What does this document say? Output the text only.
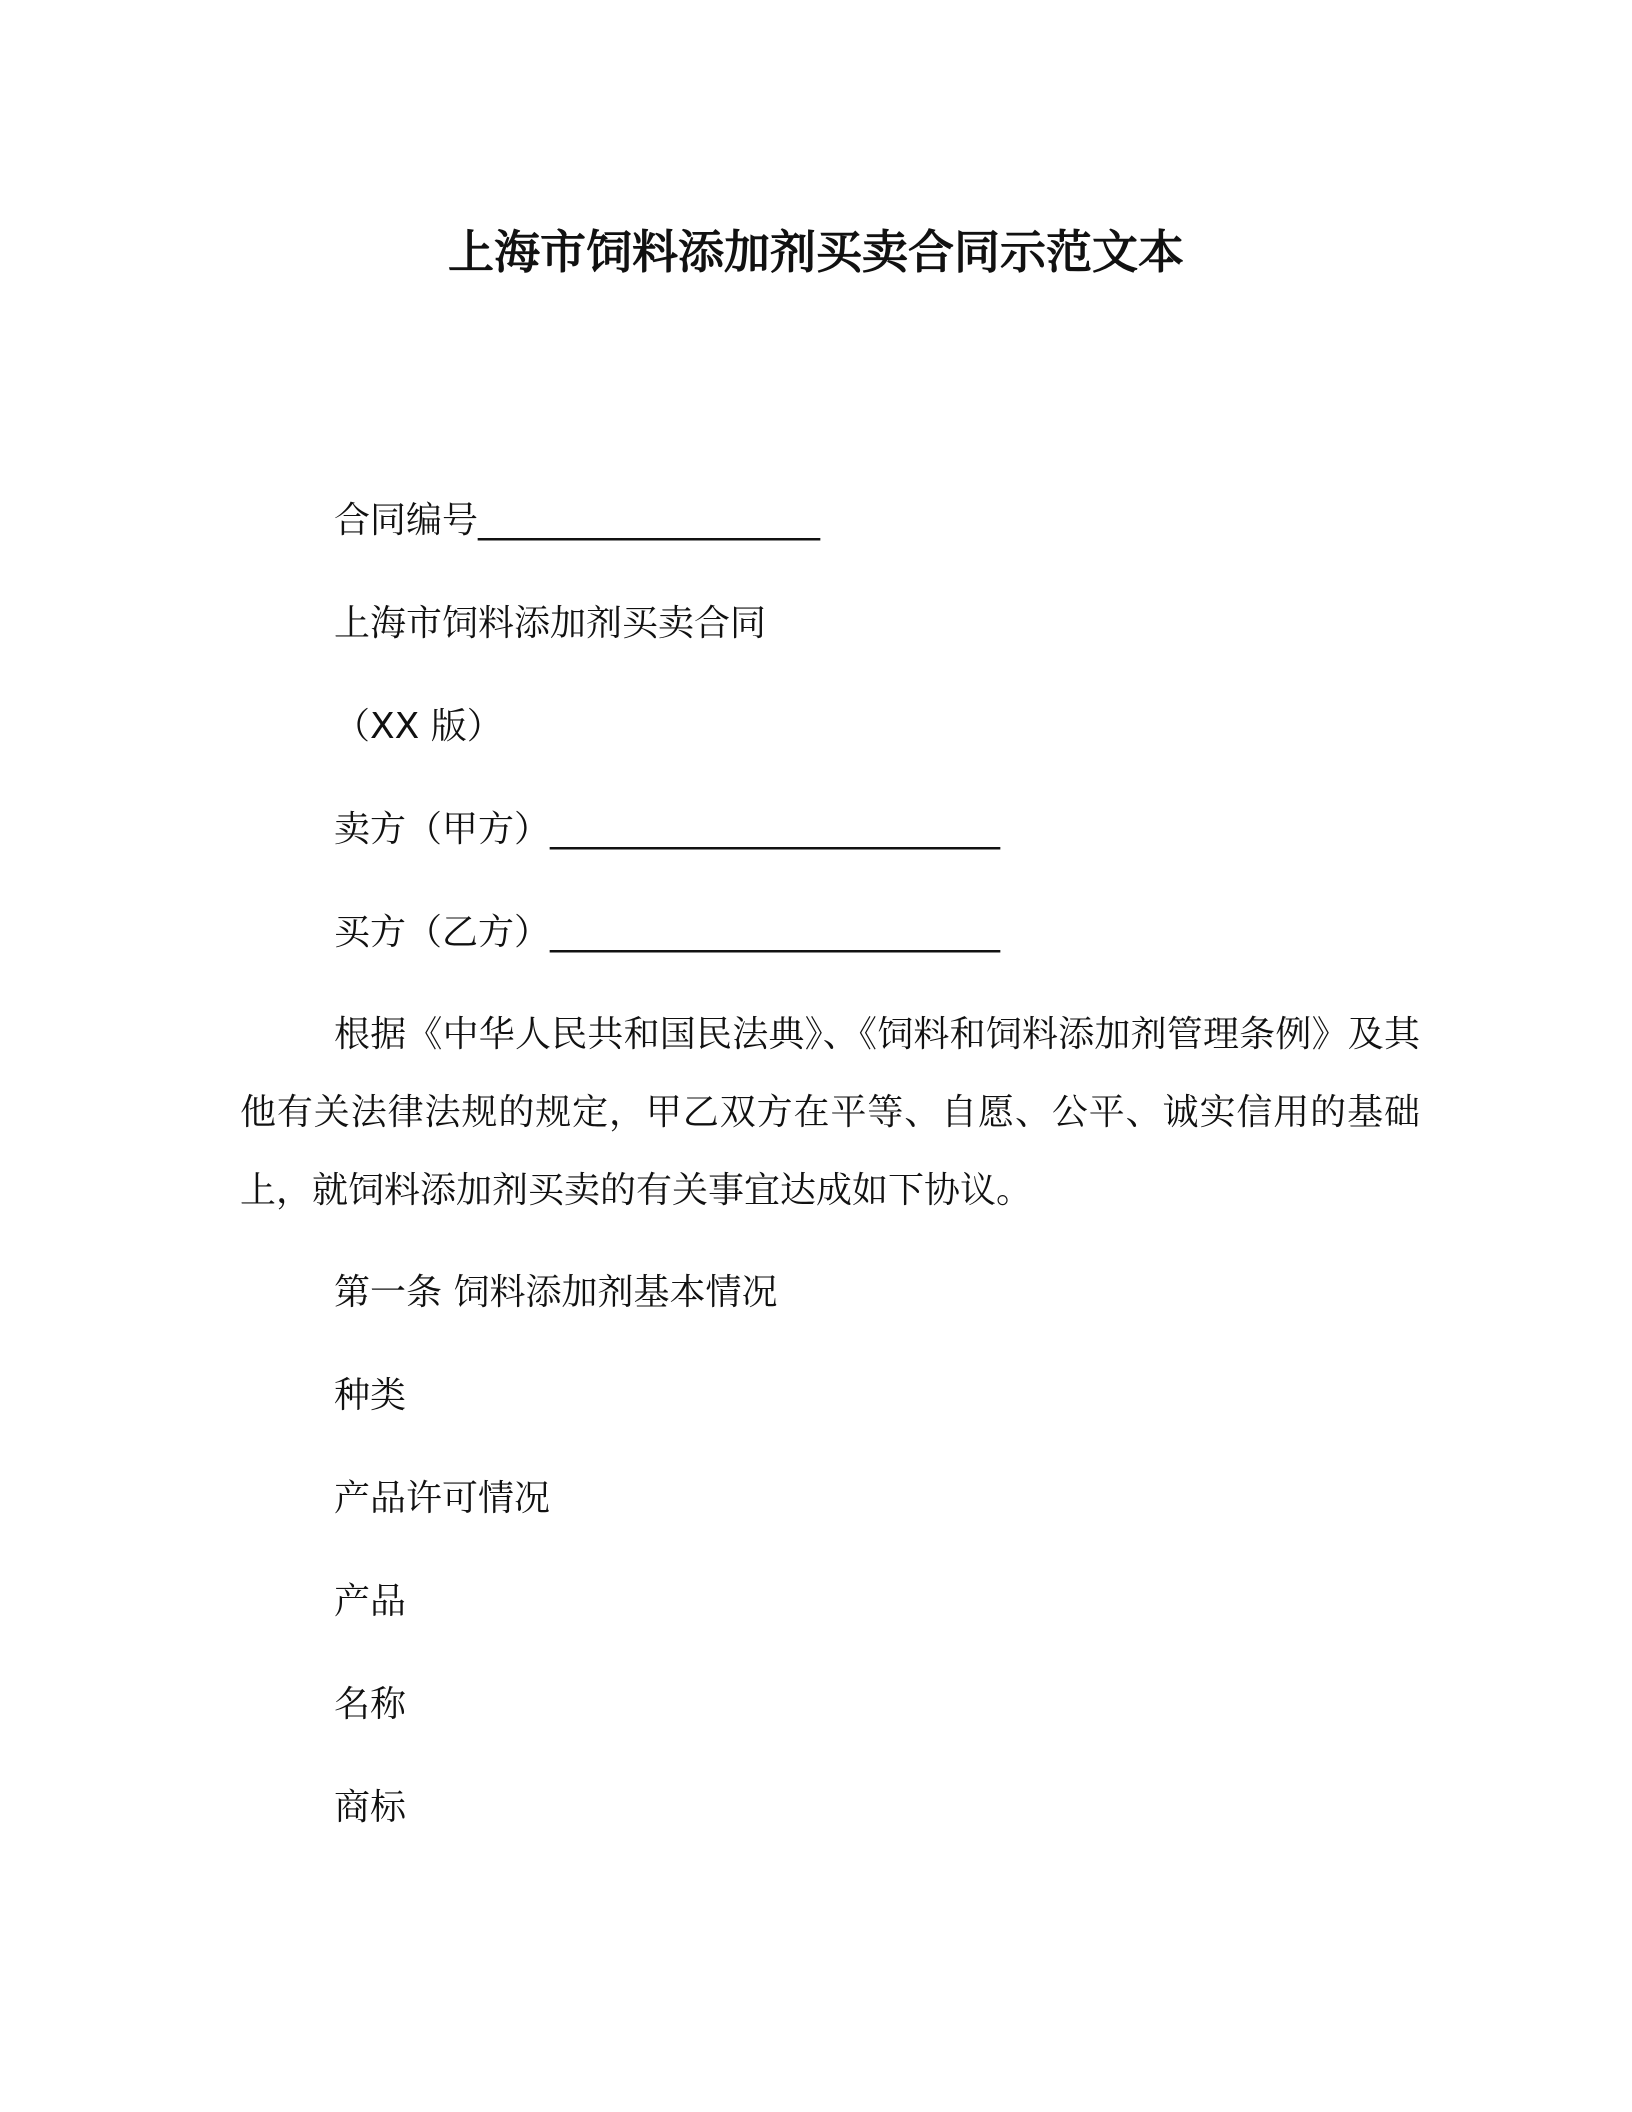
上海市饲料添加剂买卖合同示范文本
合同编号___________________
上海市饲料添加剂买卖合同
（XX 版）
卖方（甲方）_________________________
买方（乙方）_________________________
根据《中华人民共和国民法典》、《饲料和饲料添加剂管理条例》及其他有关法律法规的规定，甲乙双方在平等、自愿、公平、诚实信用的基础上，就饲料添加剂买卖的有关事宜达成如下协议。
第一条 饲料添加剂基本情况
种类
产品许可情况
产品
名称
商标
